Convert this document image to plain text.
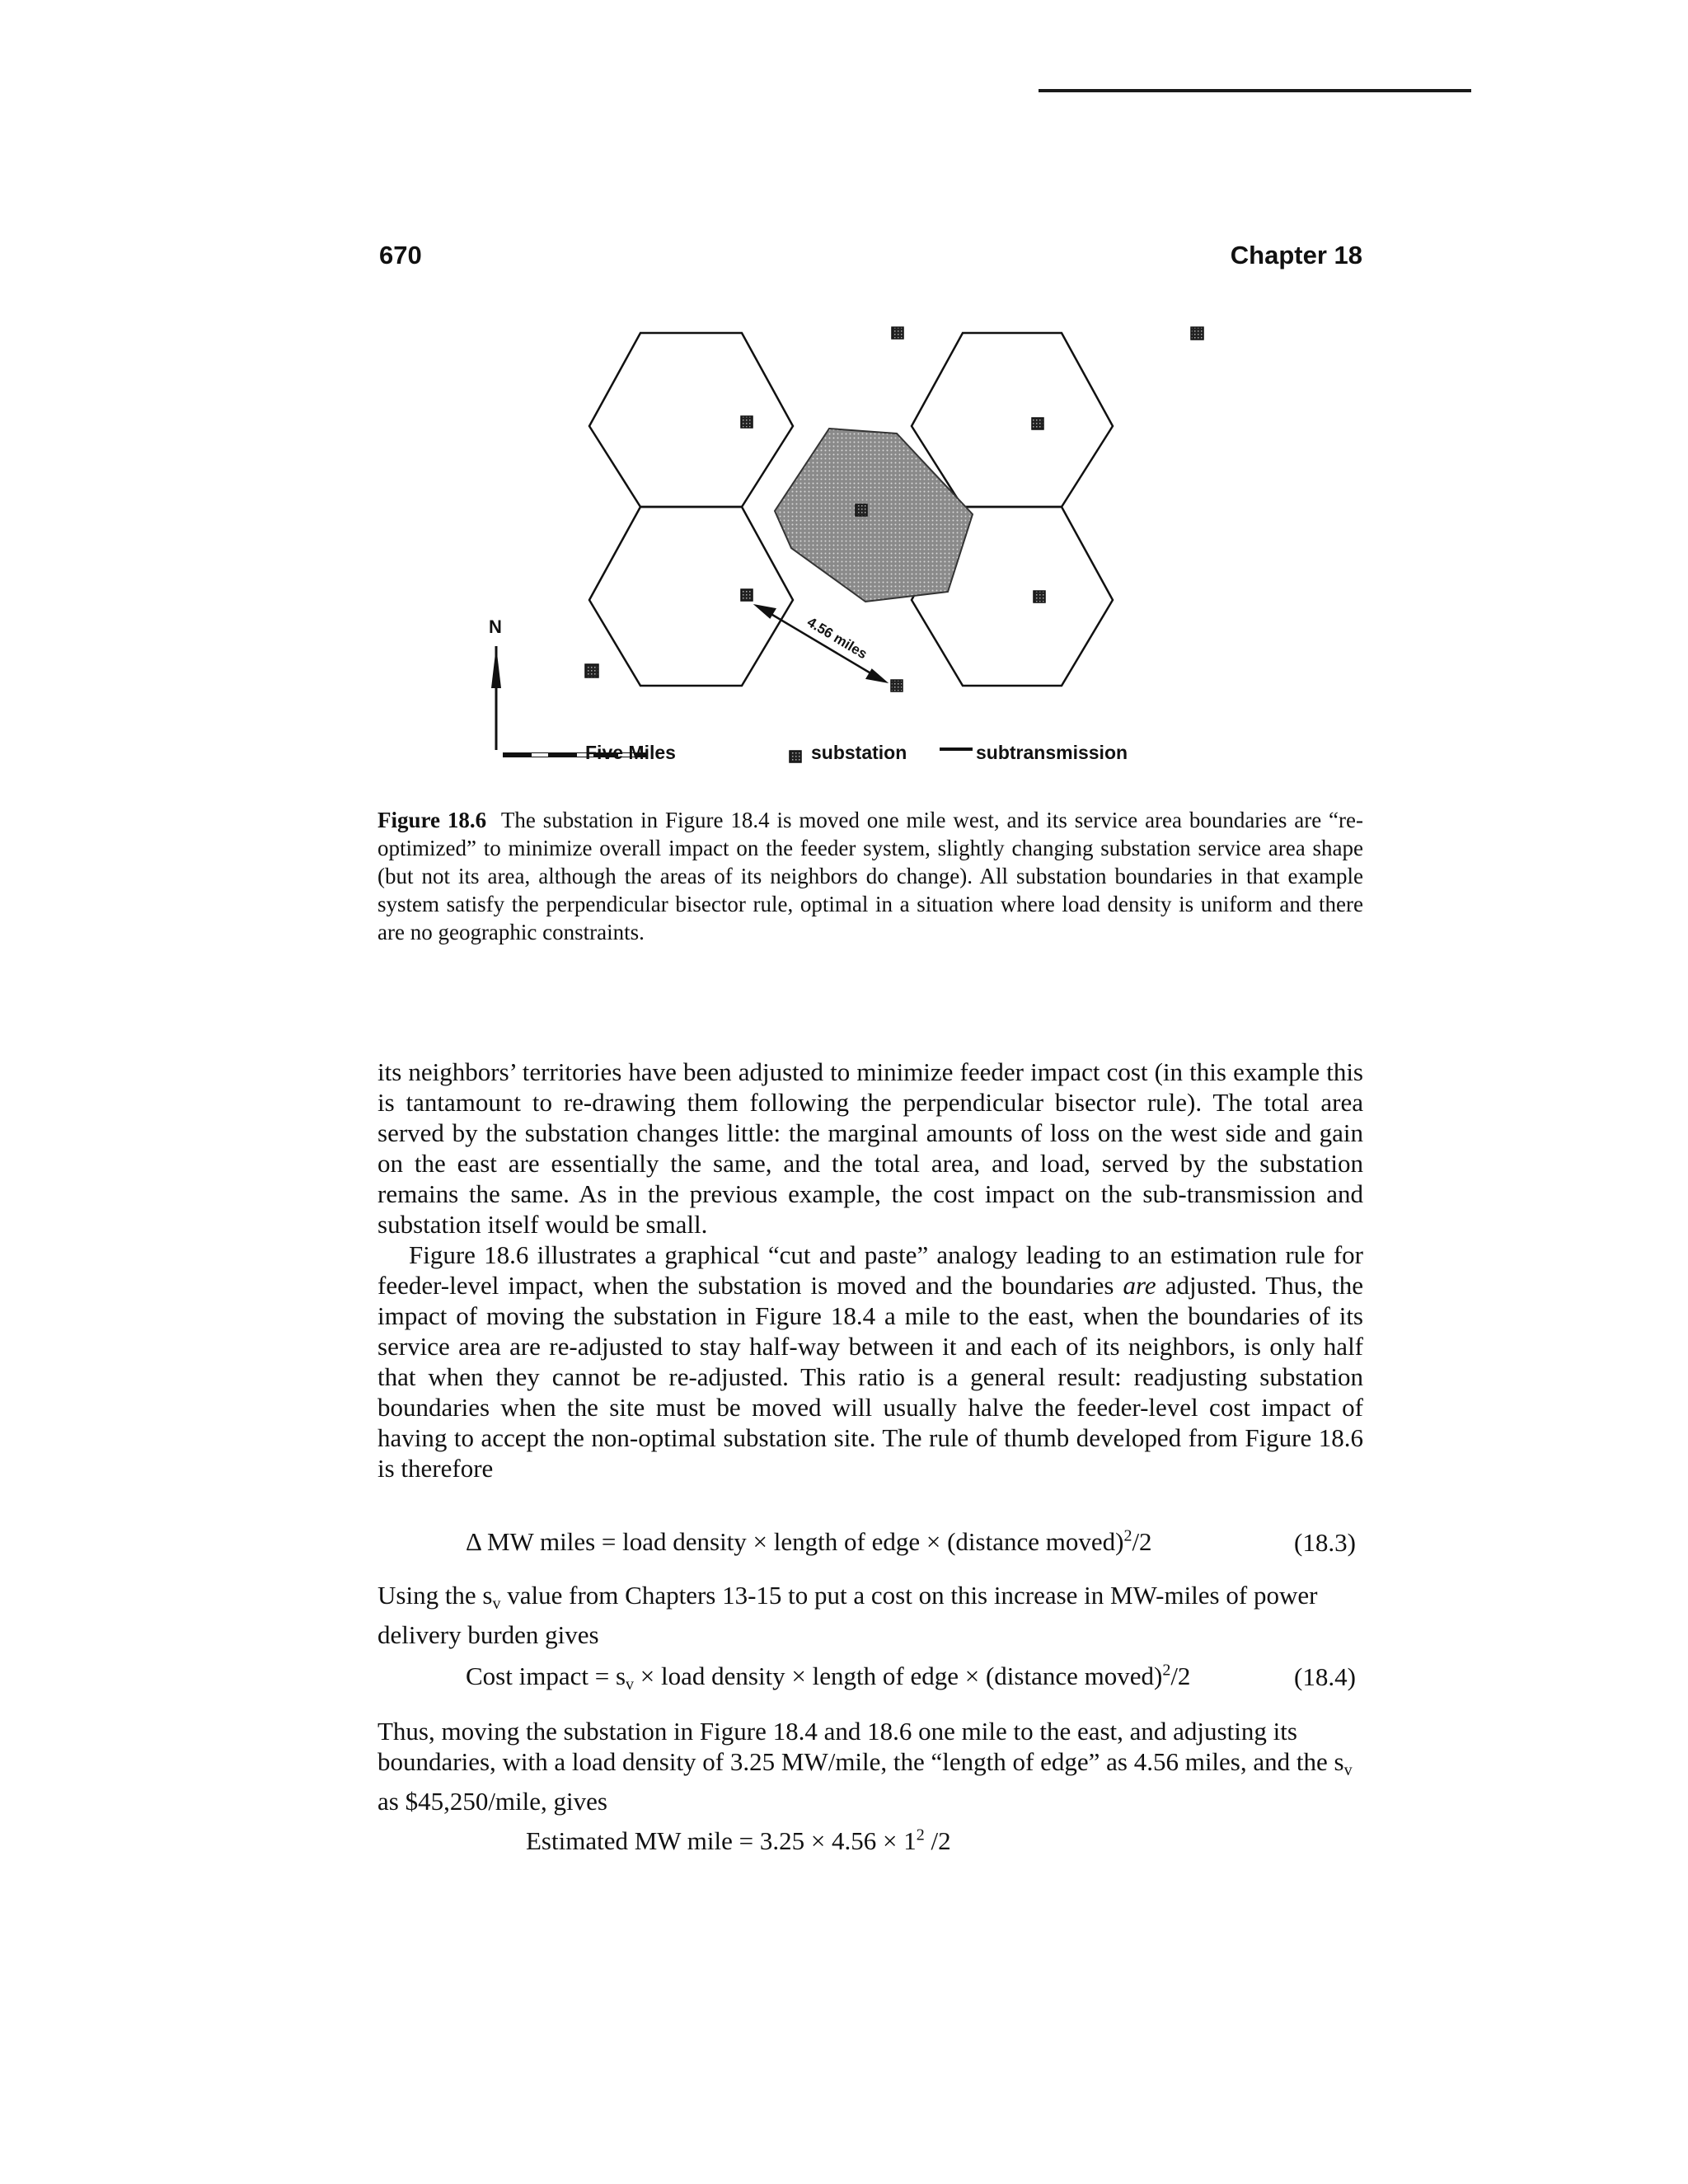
670	Chapter 18
4.56 miles
N
Five Miles	substation	subtransmission

Figure 18.6 The substation in Figure 18.4 is moved one mile west, and its service area boundaries are “re-optimized” to minimize overall impact on the feeder system, slightly changing substation service area shape (but not its area, although the areas of its neighbors do change). All substation boundaries in that example system satisfy the perpendicular bisector rule, optimal in a situation where load density is uniform and there are no geographic constraints.

its neighbors’ territories have been adjusted to minimize feeder impact cost (in this example this is tantamount to re-drawing them following the perpendicular bisector rule). The total area served by the substation changes little: the marginal amounts of loss on the west side and gain on the east are essentially the same, and the total area, and load, served by the substation remains the same. As in the previous example, the cost impact on the sub-transmission and substation itself would be small.

Figure 18.6 illustrates a graphical “cut and paste” analogy leading to an estimation rule for feeder-level impact, when the substation is moved and the boundaries are adjusted. Thus, the impact of moving the substation in Figure 18.4 a mile to the east, when the boundaries of its service area are re-adjusted to stay half-way between it and each of its neighbors, is only half that when they cannot be re-adjusted. This ratio is a general result: readjusting substation boundaries when the site must be moved will usually halve the feeder-level cost impact of having to accept the non-optimal substation site. The rule of thumb developed from Figure 18.6 is therefore

Δ MW miles = load density × length of edge × (distance moved)$^2$/2	(18.3)

Using the sv value from Chapters 13-15 to put a cost on this increase in MW-miles of power delivery burden gives

Cost impact = sv × load density × length of edge × (distance moved)$^2$/2	(18.4)

Thus, moving the substation in Figure 18.4 and 18.6 one mile to the east, and adjusting its boundaries, with a load density of 3.25 MW/mile, the “length of edge” as 4.56 miles, and the sv as $45,250/mile, gives

Estimated MW mile = $3.25 \times 4.56 \times 1^2$ /2
